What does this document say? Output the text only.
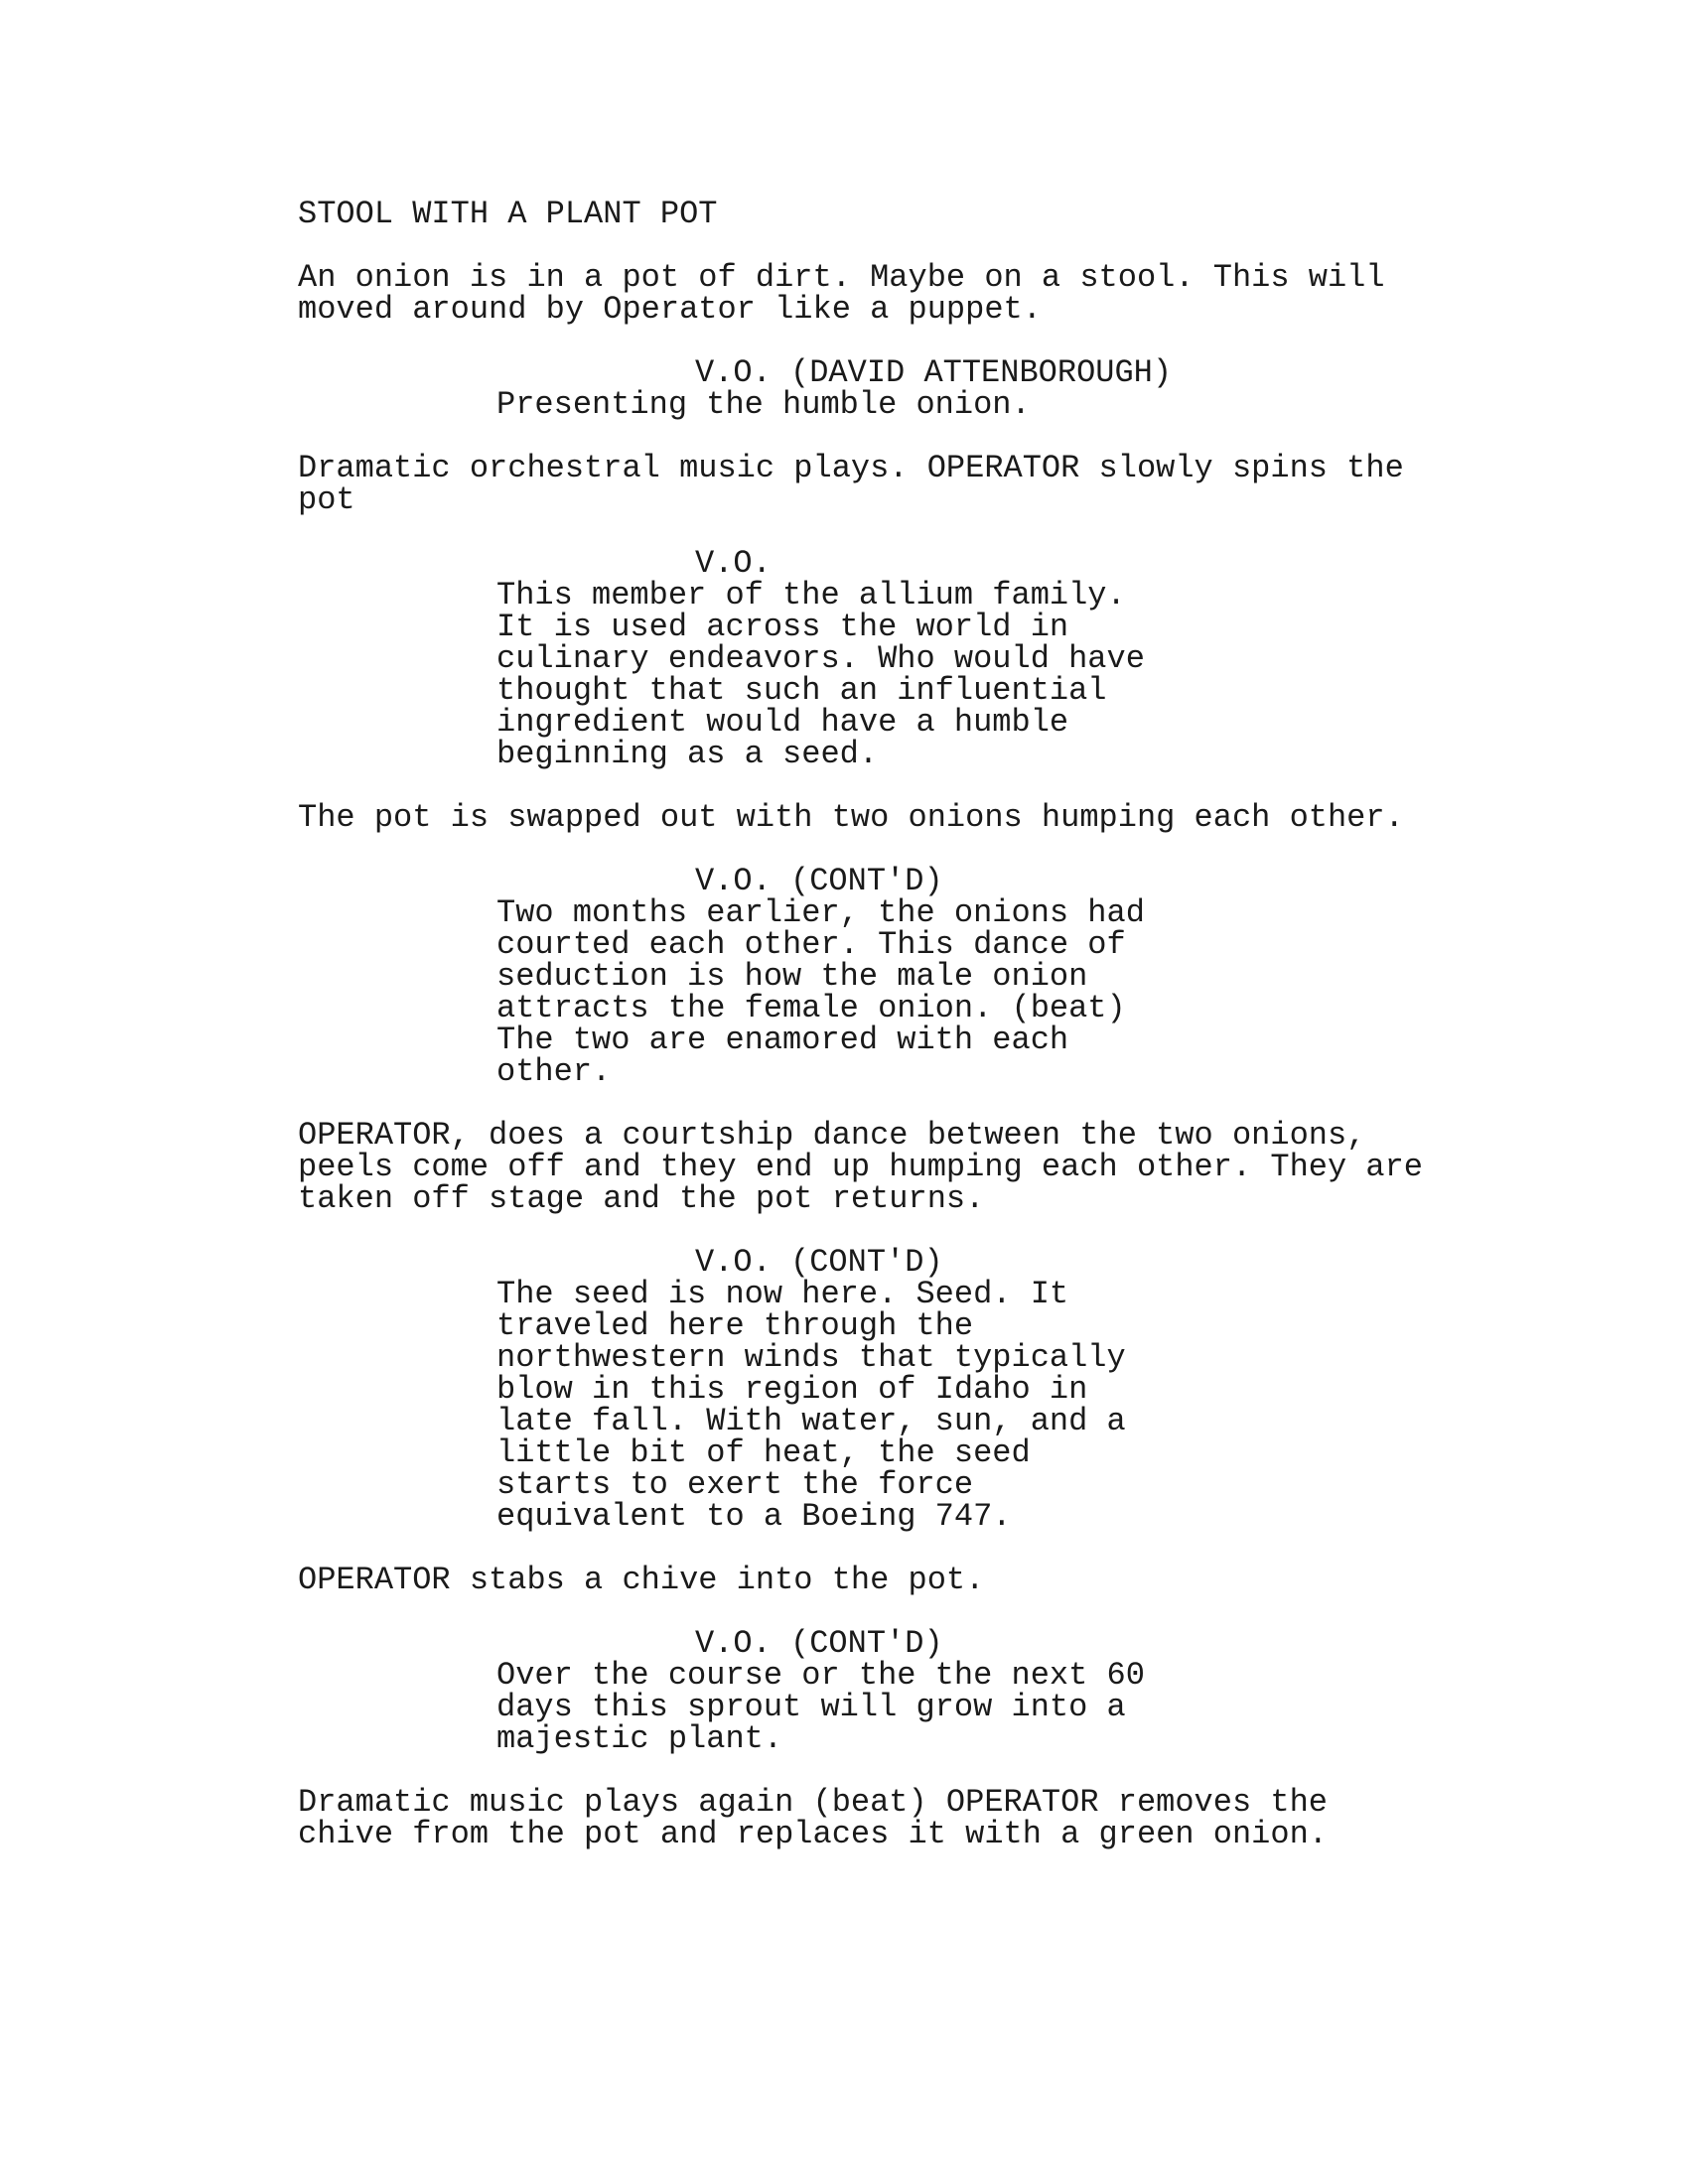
STOOL WITH A PLANT POT
An onion is in a pot of dirt. Maybe on a stool. This will
moved around by Operator like a puppet.
V.O. (DAVID ATTENBOROUGH)
Presenting the humble onion.
Dramatic orchestral music plays. OPERATOR slowly spins the
pot
V.O.
This member of the allium family.
It is used across the world in
culinary endeavors. Who would have
thought that such an influential
ingredient would have a humble
beginning as a seed.
The pot is swapped out with two onions humping each other.
V.O. (CONT'D)
Two months earlier, the onions had
courted each other. This dance of
seduction is how the male onion
attracts the female onion. (beat)
The two are enamored with each
other.
OPERATOR, does a courtship dance between the two onions,
peels come off and they end up humping each other. They are
taken off stage and the pot returns.
V.O. (CONT'D)
The seed is now here. Seed. It
traveled here through the
northwestern winds that typically
blow in this region of Idaho in
late fall. With water, sun, and a
little bit of heat, the seed
starts to exert the force
equivalent to a Boeing 747.
OPERATOR stabs a chive into the pot.
V.O. (CONT'D)
Over the course or the the next 60
days this sprout will grow into a
majestic plant.
Dramatic music plays again (beat) OPERATOR removes the
chive from the pot and replaces it with a green onion.
